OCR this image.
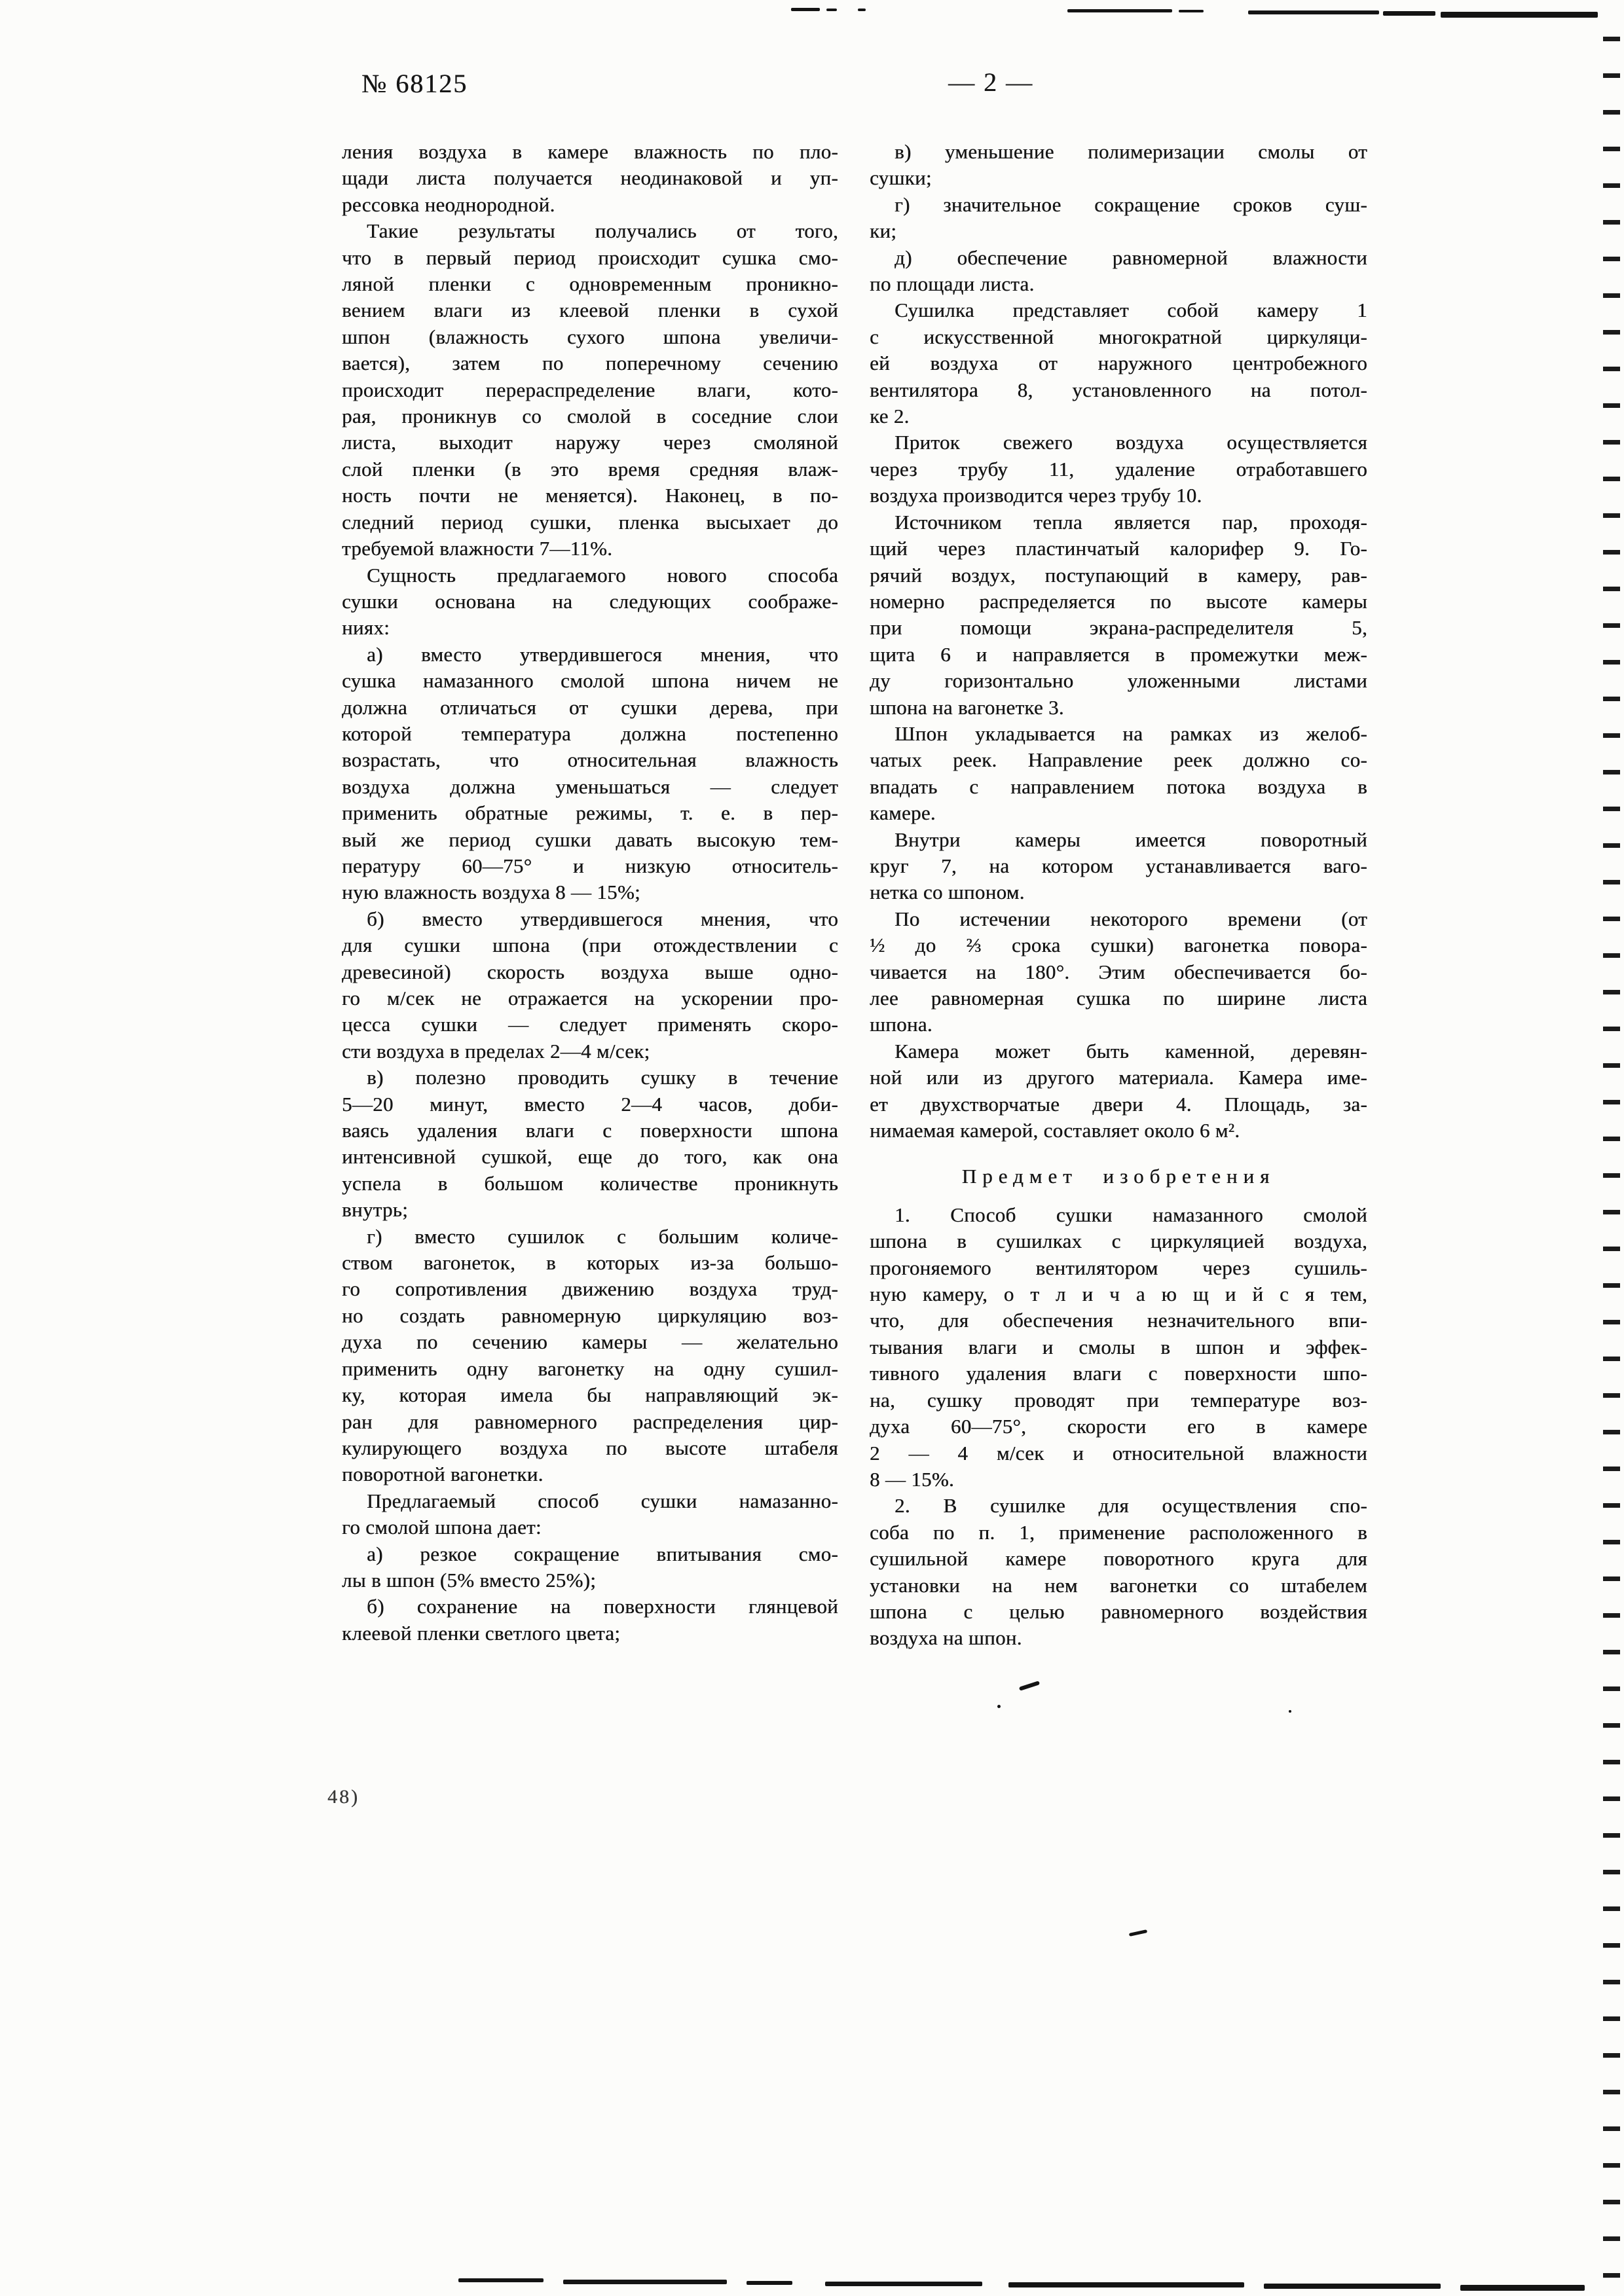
№ 68125	— 2 —
ления воздуха в камере влажность по пло-
щади листа получается неодинаковой и уп-
рессовка неоднородной.
Такие результаты получались от того,
что в первый период происходит сушка смо-
ляной пленки с одновременным проникно-
вением влаги из клеевой пленки в сухой
шпон (влажность сухого шпона увеличи-
вается), затем по поперечному сечению
происходит перераспределение влаги, кото-
рая, проникнув со смолой в соседние слои
листа, выходит наружу через смоляной
слой пленки (в это время средняя влаж-
ность почти не меняется). Наконец, в по-
следний период сушки, пленка высыхает до
требуемой влажности 7—11%.
Сущность предлагаемого нового способа
сушки основана на следующих соображе-
ниях:
а) вместо утвердившегося мнения, что
сушка намазанного смолой шпона ничем не
должна отличаться от сушки дерева, при
которой температура должна постепенно
возрастать, что относительная влажность
воздуха должна уменьшаться — следует
применить обратные режимы, т. е. в пер-
вый же период сушки давать высокую тем-
пературу 60—75° и низкую относитель-
ную влажность воздуха 8 — 15%;
б) вместо утвердившегося мнения, что
для сушки шпона (при отождествлении с
древесиной) скорость воздуха выше одно-
го м/сек не отражается на ускорении про-
цесса сушки — следует применять скоро-
сти воздуха в пределах 2—4 м/сек;
в) полезно проводить сушку в течение
5—20 минут, вместо 2—4 часов, доби-
ваясь удаления влаги с поверхности шпона
интенсивной сушкой, еще до того, как она
успела в большом количестве проникнуть
внутрь;
г) вместо сушилок с большим количе-
ством вагонеток, в которых из-за большо-
го сопротивления движению воздуха труд-
но создать равномерную циркуляцию воз-
духа по сечению камеры — желательно
применить одну вагонетку на одну сушил-
ку, которая имела бы направляющий эк-
ран для равномерного распределения цир-
кулирующего воздуха по высоте штабеля
поворотной вагонетки.
Предлагаемый способ сушки намазанно-
го смолой шпона дает:
а) резкое сокращение впитывания смо-
лы в шпон (5% вместо 25%);
б) сохранение на поверхности глянцевой
клеевой пленки светлого цвета;
в) уменьшение полимеризации смолы от
сушки;
г) значительное сокращение сроков суш-
ки;
д) обеспечение равномерной влажности
по площади листа.
Сушилка представляет собой камеру 1
с искусственной многократной циркуляци-
ей воздуха от наружного центробежного
вентилятора 8, установленного на потол-
ке 2.
Приток свежего воздуха осуществляется
через трубу 11, удаление отработавшего
воздуха производится через трубу 10.
Источником тепла является пар, проходя-
щий через пластинчатый калорифер 9. Го-
рячий воздух, поступающий в камеру, рав-
номерно распределяется по высоте камеры
при помощи экрана-распределителя 5,
щита 6 и направляется в промежутки меж-
ду горизонтально уложенными листами
шпона на вагонетке 3.
Шпон укладывается на рамках из желоб-
чатых реек. Направление реек должно со-
впадать с направлением потока воздуха в
камере.
Внутри камеры имеется поворотный
круг 7, на котором устанавливается ваго-
нетка со шпоном.
По истечении некоторого времени (от
½ до ⅔ срока сушки) вагонетка повора-
чивается на 180°. Этим обеспечивается бо-
лее равномерная сушка по ширине листа
шпона.
Камера может быть каменной, деревян-
ной или из другого материала. Камера име-
ет двухстворчатые двери 4. Площадь, за-
нимаемая камерой, составляет около 6 м².
Предмет изобретения
1. Способ сушки намазанного смолой
шпона в сушилках с циркуляцией воздуха,
прогоняемого вентилятором через сушиль-
ную камеру, о т л и ч а ю щ и й с я тем,
что, для обеспечения незначительного впи-
тывания влаги и смолы в шпон и эффек-
тивного удаления влаги с поверхности шпо-
на, сушку проводят при температуре воз-
духа 60—75°, скорости его в камере
2 — 4 м/сек и относительной влажности
8 — 15%.
2. В сушилке для осуществления спо-
соба по п. 1, применение расположенного в
сушильной камере поворотного круга для
установки на нем вагонетки со штабелем
шпона с целью равномерного воздействия
воздуха на шпон.
48)
